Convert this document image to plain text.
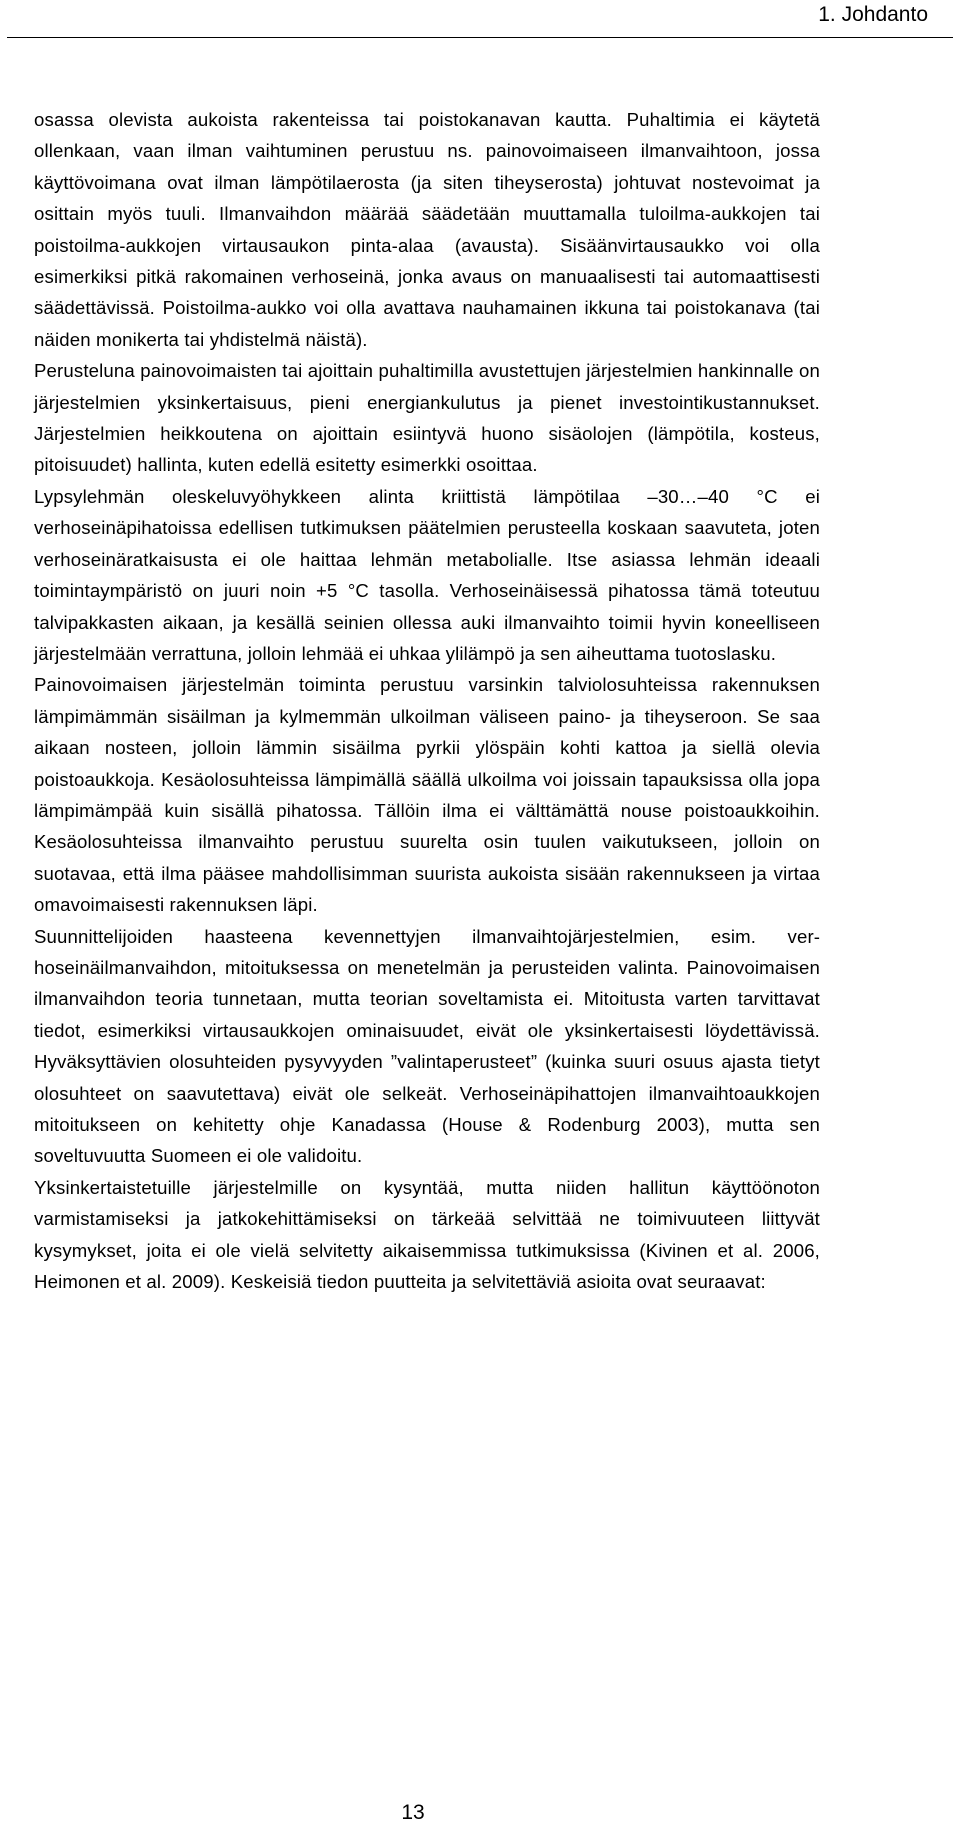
1. Johdanto

osassa olevista aukoista rakenteissa tai poistokanavan kautta. Puhaltimia ei käytetä ollenkaan, vaan ilman vaihtuminen perustuu ns. painovoimaiseen ilmanvaihtoon, jossa käyttövoimana ovat ilman lämpötilaerosta (ja siten tiheyserosta) johtuvat nostevoimat ja osittain myös tuuli. Ilmanvaihdon määrää säädetään muuttamalla tuloilma-aukkojen tai poistoilma-aukkojen virtausaukon pinta-alaa (avausta). Sisäänvirtausaukko voi olla esimerkiksi pitkä rakomainen verhoseinä, jonka avaus on manuaalisesti tai automaattisesti säädettävissä. Poistoilma-aukko voi olla avattava nauhamainen ikkuna tai poistokanava (tai näiden monikerta tai yhdistelmä näistä).

Perusteluna painovoimaisten tai ajoittain puhaltimilla avustettujen järjestelmien hankinnalle on järjestelmien yksinkertaisuus, pieni energiankulutus ja pienet investointikustannukset. Järjestelmien heikkoutena on ajoittain esiintyvä huono sisäolojen (lämpötila, kosteus, pitoisuudet) hallinta, kuten edellä esitetty esimerkki osoittaa.

Lypsylehmän oleskeluvyöhykkeen alinta kriittistä lämpötilaa –30…–40 °C ei verhoseinäpihatoissa edellisen tutkimuksen päätelmien perusteella koskaan saavuteta, joten verhoseinäratkaisusta ei ole haittaa lehmän metabolialle. Itse asiassa lehmän ideaali toimintaympäristö on juuri noin +5 °C tasolla. Verhoseinäisessä pihatossa tämä toteutuu talvipakkasten aikaan, ja kesällä seinien ollessa auki ilmanvaihto toimii hyvin koneelliseen järjestelmään verrattuna, jolloin lehmää ei uhkaa ylilämpö ja sen aiheuttama tuotoslasku.

Painovoimaisen järjestelmän toiminta perustuu varsinkin talviolosuhteissa rakennuksen lämpimämmän sisäilman ja kylmemmän ulkoilman väliseen paino- ja tiheyseroon. Se saa aikaan nosteen, jolloin lämmin sisäilma pyrkii ylöspäin kohti kattoa ja siellä olevia poistoaukkoja. Kesäolosuhteissa lämpimällä säällä ulkoilma voi joissain tapauksissa olla jopa lämpimämpää kuin sisällä pihatossa. Tällöin ilma ei välttämättä nouse poistoaukkoihin. Kesäolosuhteissa ilmanvaihto perustuu suurelta osin tuulen vaikutukseen, jolloin on suotavaa, että ilma pääsee mahdollisimman suurista aukoista sisään rakennukseen ja virtaa omavoimaisesti rakennuksen läpi.

Suunnittelijoiden haasteena kevennettyjen ilmanvaihtojärjestelmien, esim. verhoseinäilmanvaihdon, mitoituksessa on menetelmän ja perusteiden valinta. Painovoimaisen ilmanvaihdon teoria tunnetaan, mutta teorian soveltamista ei. Mitoitusta varten tarvittavat tiedot, esimerkiksi virtausaukkojen ominaisuudet, eivät ole yksinkertaisesti löydettävissä. Hyväksyttävien olosuhteiden pysyvyyden ”valintaperusteet” (kuinka suuri osuus ajasta tietyt olosuhteet on saavutettava) eivät ole selkeät. Verhoseinäpihattojen ilmanvaihtoaukkojen mitoitukseen on kehitetty ohje Kanadassa (House & Rodenburg 2003), mutta sen soveltuvuutta Suomeen ei ole validoitu.

Yksinkertaistetuille järjestelmille on kysyntää, mutta niiden hallitun käyttöönoton varmistamiseksi ja jatkokehittämiseksi on tärkeää selvittää ne toimivuuteen liittyvät kysymykset, joita ei ole vielä selvitetty aikaisemmissa tutkimuksissa (Kivinen et al. 2006, Heimonen et al. 2009). Keskeisiä tiedon puutteita ja selvitettäviä asioita ovat seuraavat:

13
